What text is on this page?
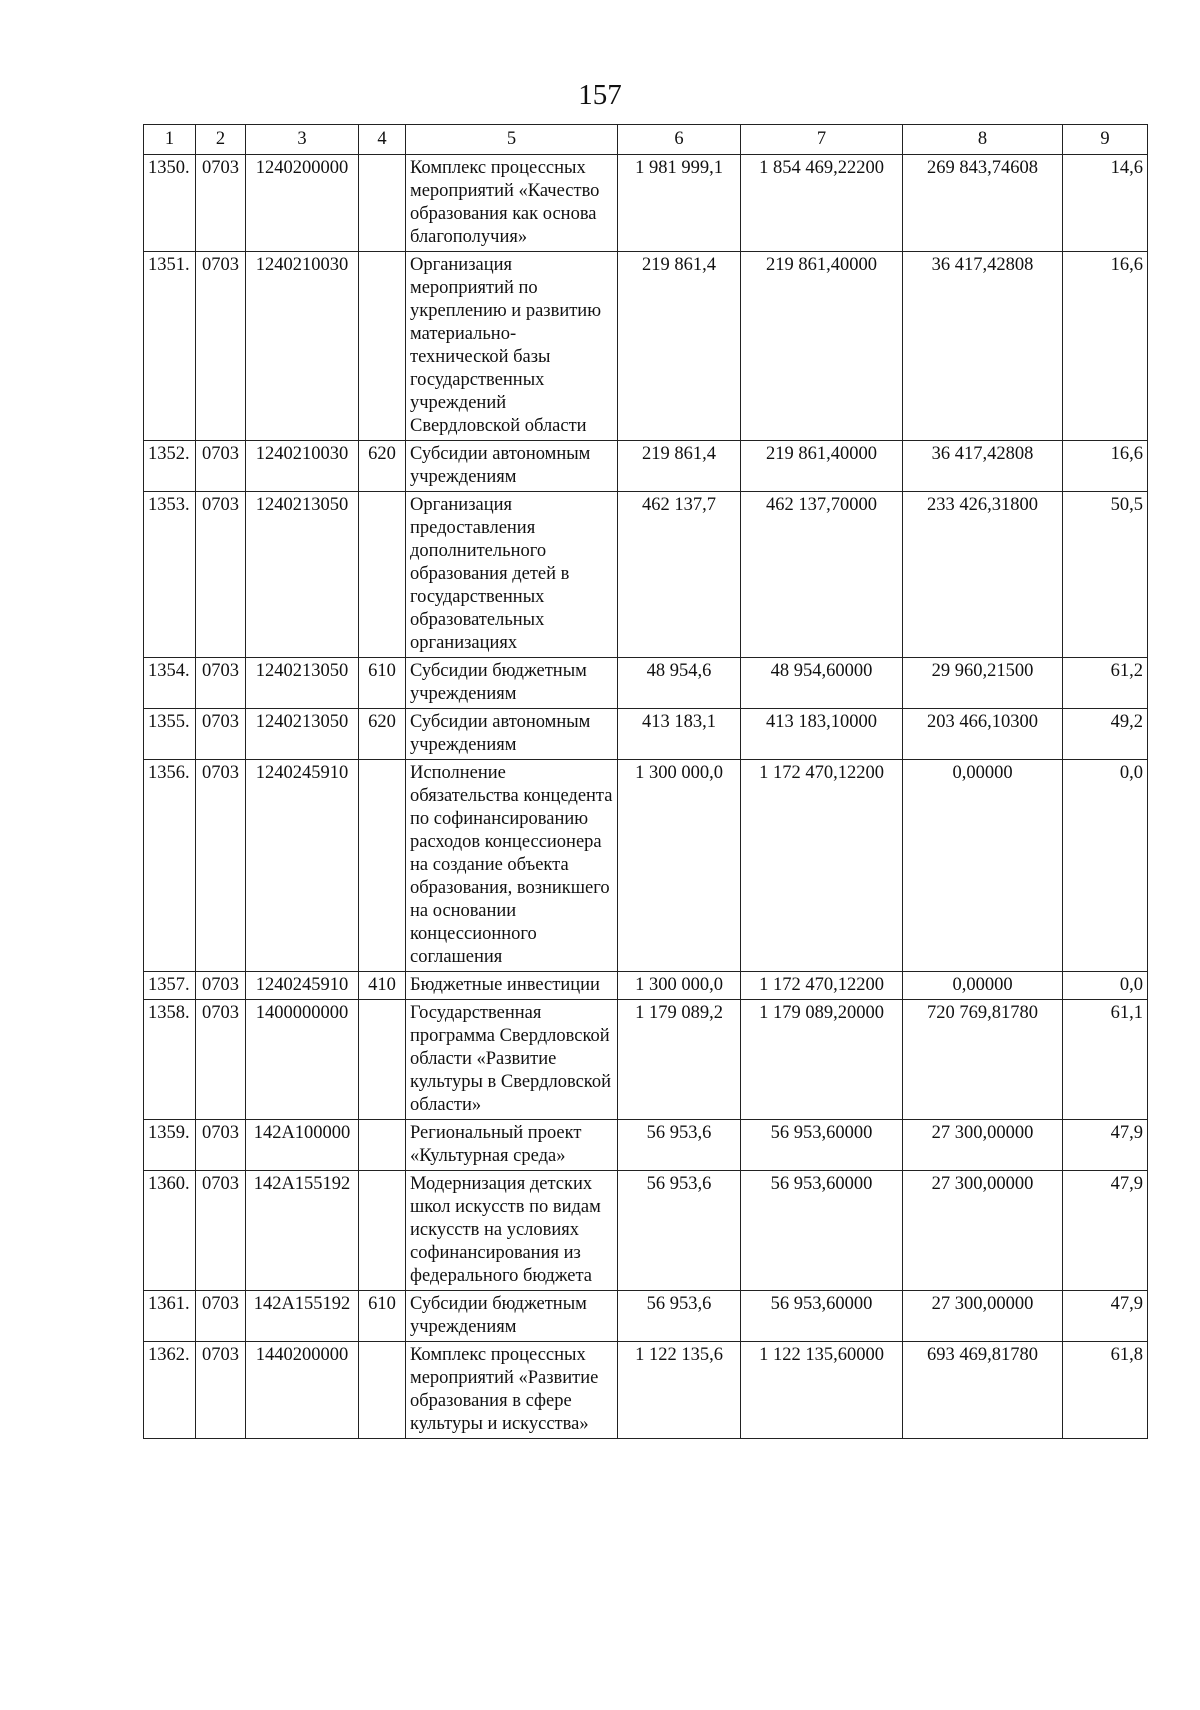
157
1	2	3	4	5	6	7	8	9
1350.	0703	1240200000		Комплекс процессных мероприятий «Качество образования как основа благополучия»	1 981 999,1	1 854 469,22200	269 843,74608	14,6
1351.	0703	1240210030		Организация мероприятий по укреплению и развитию материально-технической базы государственных учреждений Свердловской области	219 861,4	219 861,40000	36 417,42808	16,6
1352.	0703	1240210030	620	Субсидии автономным учреждениям	219 861,4	219 861,40000	36 417,42808	16,6
1353.	0703	1240213050		Организация предоставления дополнительного образования детей в государственных образовательных организациях	462 137,7	462 137,70000	233 426,31800	50,5
1354.	0703	1240213050	610	Субсидии бюджетным учреждениям	48 954,6	48 954,60000	29 960,21500	61,2
1355.	0703	1240213050	620	Субсидии автономным учреждениям	413 183,1	413 183,10000	203 466,10300	49,2
1356.	0703	1240245910		Исполнение обязательства концедента по софинансированию расходов концессионера на создание объекта образования, возникшего на основании концессионного соглашения	1 300 000,0	1 172 470,12200	0,00000	0,0
1357.	0703	1240245910	410	Бюджетные инвестиции	1 300 000,0	1 172 470,12200	0,00000	0,0
1358.	0703	1400000000		Государственная программа Свердловской области «Развитие культуры в Свердловской области»	1 179 089,2	1 179 089,20000	720 769,81780	61,1
1359.	0703	142A100000		Региональный проект «Культурная среда»	56 953,6	56 953,60000	27 300,00000	47,9
1360.	0703	142A155192		Модернизация детских школ искусств по видам искусств на условиях софинансирования из федерального бюджета	56 953,6	56 953,60000	27 300,00000	47,9
1361.	0703	142A155192	610	Субсидии бюджетным учреждениям	56 953,6	56 953,60000	27 300,00000	47,9
1362.	0703	1440200000		Комплекс процессных мероприятий «Развитие образования в сфере культуры и искусства»	1 122 135,6	1 122 135,60000	693 469,81780	61,8
